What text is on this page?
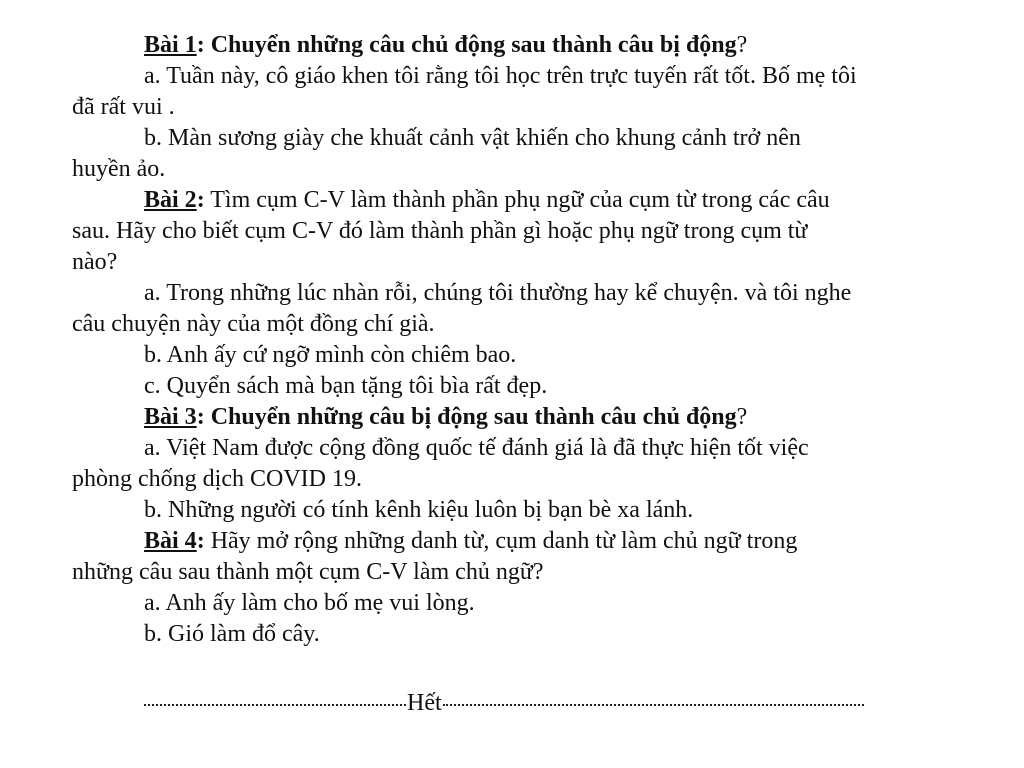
Bài 1: Chuyển những câu chủ động sau thành câu bị động?
a. Tuần này, cô giáo khen tôi rằng tôi học trên trực tuyến rất tốt. Bố mẹ tôi
đã rất vui .
b. Màn sương giày che khuất cảnh vật khiến cho khung cảnh trở nên
huyền ảo.
Bài 2: Tìm cụm C-V làm thành phần phụ ngữ của cụm từ trong các câu
sau. Hãy cho biết cụm C-V đó làm thành phần gì hoặc phụ ngữ trong cụm từ
nào?
a. Trong những lúc nhàn rỗi, chúng tôi thường hay kể chuyện. và tôi nghe
câu chuyện này của một đồng chí già.
b. Anh ấy cứ ngỡ mình còn chiêm bao.
c. Quyển sách mà bạn tặng tôi bìa rất đẹp.
Bài 3: Chuyển những câu bị động sau thành câu chủ động?
a. Việt Nam được cộng đồng quốc tế đánh giá là đã thực hiện tốt việc
phòng chống dịch COVID 19.
b. Những người có tính kênh kiệu luôn bị bạn bè xa lánh.
Bài 4: Hãy mở rộng những danh từ, cụm danh từ làm chủ ngữ trong
những câu sau thành một cụm C-V làm chủ ngữ?
a. Anh ấy làm cho bố mẹ vui lòng.
b. Gió làm đổ cây.
Hết
